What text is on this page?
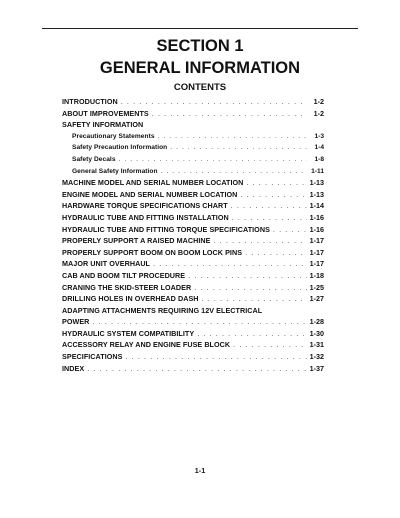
SECTION 1
GENERAL INFORMATION
CONTENTS
INTRODUCTION . . .	1-2
ABOUT IMPROVEMENTS . . .	1-2
SAFETY INFORMATION
Precautionary Statements . . .	1-3
Safety Precaution Information . . .	1-4
Safety Decals . . .	1-8
General Safety Information . . .	1-11
MACHINE MODEL AND SERIAL NUMBER LOCATION . . .	1-13
ENGINE MODEL AND SERIAL NUMBER LOCATION . . .	1-13
HARDWARE TORQUE SPECIFICATIONS CHART . . .	1-14
HYDRAULIC TUBE AND FITTING INSTALLATION . . .	1-16
HYDRAULIC TUBE AND FITTING TORQUE SPECIFICATIONS . . .	1-16
PROPERLY SUPPORT A RAISED MACHINE . . .	1-17
PROPERLY SUPPORT BOOM ON BOOM LOCK PINS . . .	1-17
MAJOR UNIT OVERHAUL . . .	1-17
CAB AND BOOM TILT PROCEDURE . . .	1-18
CRANING THE SKID-STEER LOADER . . .	1-25
DRILLING HOLES IN OVERHEAD DASH . . .	1-27
ADAPTING ATTACHMENTS REQUIRING 12V ELECTRICAL
POWER . . .	1-28
HYDRAULIC SYSTEM COMPATIBILITY . . .	1-30
ACCESSORY RELAY AND ENGINE FUSE BLOCK . . .	1-31
SPECIFICATIONS . . .	1-32
INDEX . . .	1-37
1-1
